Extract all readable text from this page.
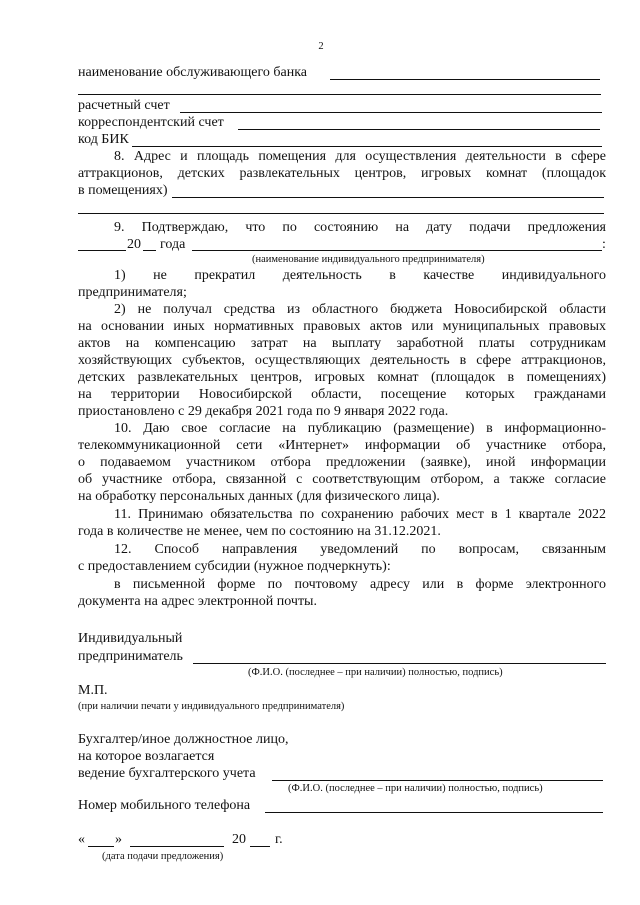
2
наименование обслуживающего банка
расчетный счет
корреспондентский счет
код БИК
8. Адрес и площадь помещения для осуществления деятельности в сфере
аттракционов, детских развлекательных центров, игровых комнат (площадок
в помещениях)
9. Подтверждаю, что по состоянию на дату подачи предложения
20 года	:
(наименование индивидуального предпринимателя)
1) не прекратил деятельность в качестве индивидуального
предпринимателя;
2) не получал средства из областного бюджета Новосибирской области
на основании иных нормативных правовых актов или муниципальных правовых
актов на компенсацию затрат на выплату заработной платы сотрудникам
хозяйствующих субъектов, осуществляющих деятельность в сфере аттракционов,
детских развлекательных центров, игровых комнат (площадок в помещениях)
на территории Новосибирской области, посещение которых гражданами
приостановлено с 29 декабря 2021 года по 9 января 2022 года.
10. Даю свое согласие на публикацию (размещение) в информационно-
телекоммуникационной сети «Интернет» информации об участнике отбора,
о подаваемом участником отбора предложении (заявке), иной информации
об участнике отбора, связанной с соответствующим отбором, а также согласие
на обработку персональных данных (для физического лица).
11. Принимаю обязательства по сохранению рабочих мест в 1 квартале 2022
года в количестве не менее, чем по состоянию на 31.12.2021.
12. Способ направления уведомлений по вопросам, связанным
с предоставлением субсидии (нужное подчеркнуть):
в письменной форме по почтовому адресу или в форме электронного
документа на адрес электронной почты.
Индивидуальный
предприниматель
(Ф.И.О. (последнее – при наличии) полностью, подпись)
М.П.
(при наличии печати у индивидуального предпринимателя)
Бухгалтер/иное должностное лицо,
на которое возлагается
ведение бухгалтерского учета
(Ф.И.О. (последнее – при наличии) полностью, подпись)
Номер мобильного телефона
« »	20 г.
(дата подачи предложения)
